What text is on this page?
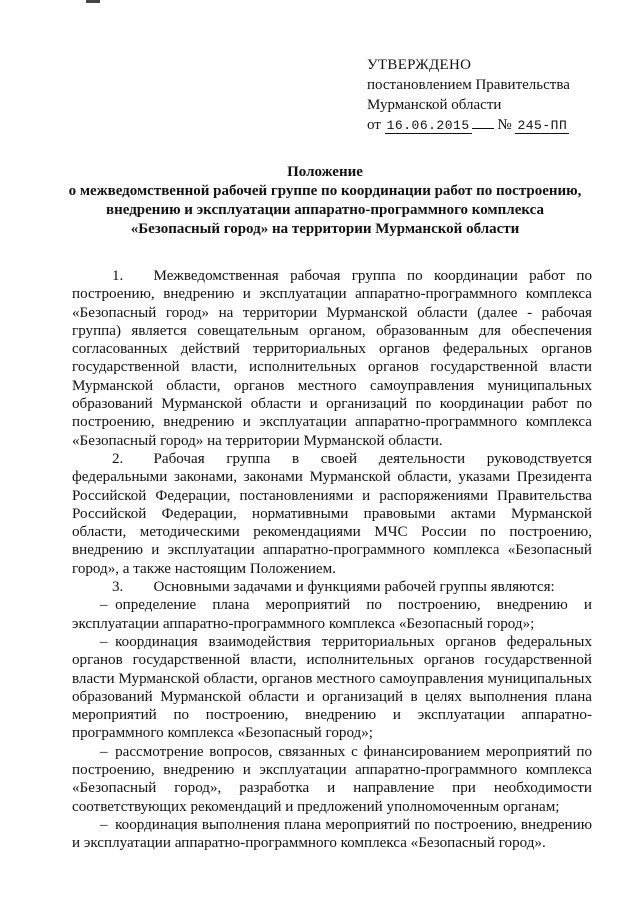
УТВЕРЖДЕНО
постановлением Правительства
Мурманской области
от 16.06.2015 № 245-ПП
Положение
о межведомственной рабочей группе по координации работ по построению,
внедрению и эксплуатации аппаратно-программного комплекса
«Безопасный город» на территории Мурманской области

1.  Межведомственная рабочая группа по координации работ по построению, внедрению и эксплуатации аппаратно-программного комплекса «Безопасный город» на территории Мурманской области (далее - рабочая группа) является совещательным органом, образованным для обеспечения согласованных действий территориальных органов федеральных органов государственной власти, исполнительных органов государственной власти Мурманской области, органов местного самоуправления муниципальных образований Мурманской области и организаций по координации работ по построению, внедрению и эксплуатации аппаратно-программного комплекса «Безопасный город» на территории Мурманской области.

2.  Рабочая группа в своей деятельности руководствуется федеральными законами, законами Мурманской области, указами Президента Российской Федерации, постановлениями и распоряжениями Правительства Российской Федерации, нормативными правовыми актами Мурманской области, методическими рекомендациями МЧС России по построению, внедрению и эксплуатации аппаратно-программного комплекса «Безопасный город», а также настоящим Положением.

3.  Основными задачами и функциями рабочей группы являются:

– определение плана мероприятий по построению, внедрению и эксплуатации аппаратно-программного комплекса «Безопасный город»;

– координация взаимодействия территориальных органов федеральных органов государственной власти, исполнительных органов государственной власти Мурманской области, органов местного самоуправления муниципальных образований Мурманской области и организаций в целях выполнения плана мероприятий по построению, внедрению и эксплуатации аппаратно-программного комплекса «Безопасный город»;

– рассмотрение вопросов, связанных с финансированием мероприятий по построению, внедрению и эксплуатации аппаратно-программного комплекса «Безопасный город», разработка и направление при необходимости соответствующих рекомендаций и предложений уполномоченным органам;

– координация выполнения плана мероприятий по построению, внедрению и эксплуатации аппаратно-программного комплекса «Безопасный город».
